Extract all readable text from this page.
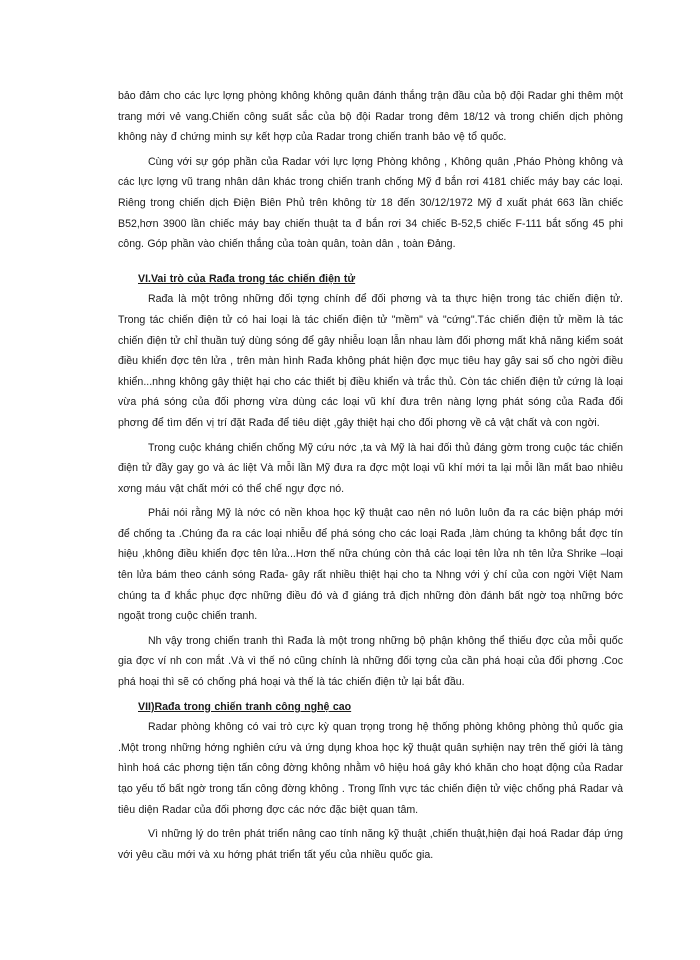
bảo đảm cho các lực lợng phòng không không quân đánh thắng trận đầu của bộ đội Radar ghi thêm một trang mới vẻ vang.Chiến công suất sắc của bộ đội Radar trong đêm 18/12 và trong chiến dịch phòng không này đ chứng minh sự kết hợp của Radar trong chiến tranh bảo vệ tổ quốc.

Cùng với sự góp phần của Radar với lực lợng Phòng không , Không quân ,Pháo Phòng không và các lực lợng vũ trang nhân dân khác trong chiến tranh chống Mỹ đ bắn rơi 4181 chiếc máy bay các loại. Riêng trong chiến dịch Điện Biên Phủ trên không từ 18 đến 30/12/1972 Mỹ đ xuất phát 663 lần chiếc B52,hơn 3900 lần chiếc máy bay chiến thuật ta đ bắn rơi 34 chiếc B-52,5 chiếc F-111 bắt sống 45 phi công. Góp phần vào chiến thắng của toàn quân, toàn dân , toàn Đảng.

VI.Vai trò của Rađa trong tác chiến điện tử

Rađa là một trông những đối tợng chính để đối phơng và ta thực hiện trong tác chiến điện tử. Trong tác chiến điện tử có hai loại là tác chiến điện tử "mềm" và "cứng".Tác chiến điện tử mềm là tác chiến điện tử chỉ thuần tuý dùng sóng để gây nhiễu loạn lẫn nhau làm đối phơng mất khả năng kiểm soát điều khiển đợc tên lửa , trên màn hình Rađa không phát hiện đợc mục tiêu hay gây sai số cho ngời điều khiển...nhng không gây thiệt hại cho các thiết bị điều khiển và trắc thủ. Còn tác chiến điện tử cứng là loại vừa phá sóng của đối phơng vừa dùng các loại vũ khí đưa trên nàng lợng phát sóng của Rađa đối phơng để tìm đến vị trí đặt Rađa để tiêu diệt ,gây thiệt hại cho đối phơng về cả vật chất và con ngời.

Trong cuộc kháng chiến chống Mỹ cứu nớc ,ta và Mỹ là hai đối thủ đáng gờm trong cuộc tác chiến điện tử đầy gay go và ác liệt Và mỗi lần Mỹ đưa ra đợc một loại vũ khí mới ta lại mỗi lần mất bao nhiêu xơng máu vật chất mới có thể chế ngự đợc nó.

Phải nói rằng Mỹ là nớc có nền khoa học kỹ thuật cao nên nó luôn luôn đa ra các biện pháp mới để chống ta .Chúng đa ra các loại nhiễu để phá sóng cho các loại Rađa ,làm chúng ta không bắt đợc tín hiệu ,không điều khiển đợc tên lửa...Hơn thế nữa chúng còn thả các loại tên lửa nh tên lửa Shrike –loại tên lửa bám theo cánh sóng Rađa- gây rất nhiều thiệt hại cho ta Nhng với ý chí của con ngời Việt Nam chúng ta đ khắc phục đợc những điều đó và đ giáng trả địch những đòn đánh bất ngờ toạ những bớc ngoặt trong cuộc chiến tranh.

Nh vậy trong chiến tranh thì Rađa là một trong những bộ phận không thể thiếu đợc của mỗi quốc gia đợc ví nh con mắt .Và vì thế nó cũng chính là những đối tợng của cần phá hoại của đối phơng .Coc phá hoại thì sẽ có chống phá hoại và thế là tác chiến điện tử lại bắt đầu.

VII)Rađa trong chiến tranh công nghệ cao

Radar phòng không có vai trò cực kỳ quan trọng trong hệ thống phòng không phòng thủ quốc gia .Một trong những hớng nghiên cứu và ứng dụng khoa học kỹ thuật quân sựhiện nay trên thế giới là tàng hình hoá các phơng tiện tấn công đờng không nhằm vô hiệu hoá gây khó khăn cho hoạt động của Radar tạo yếu tố bất ngờ trong tấn công đờng không . Trong lĩnh vực tác chiến điện tử việc chống phá Radar và tiêu diện Radar của đối phơng đợc các nớc đặc biệt quan tâm.

Vì những lý do trên phát triển nâng cao tính năng kỹ thuật ,chiến thuật,hiện đại hoá Radar đáp ứng với yêu cầu mới và xu hớng phát triển tất yếu của nhiều quốc gia.
